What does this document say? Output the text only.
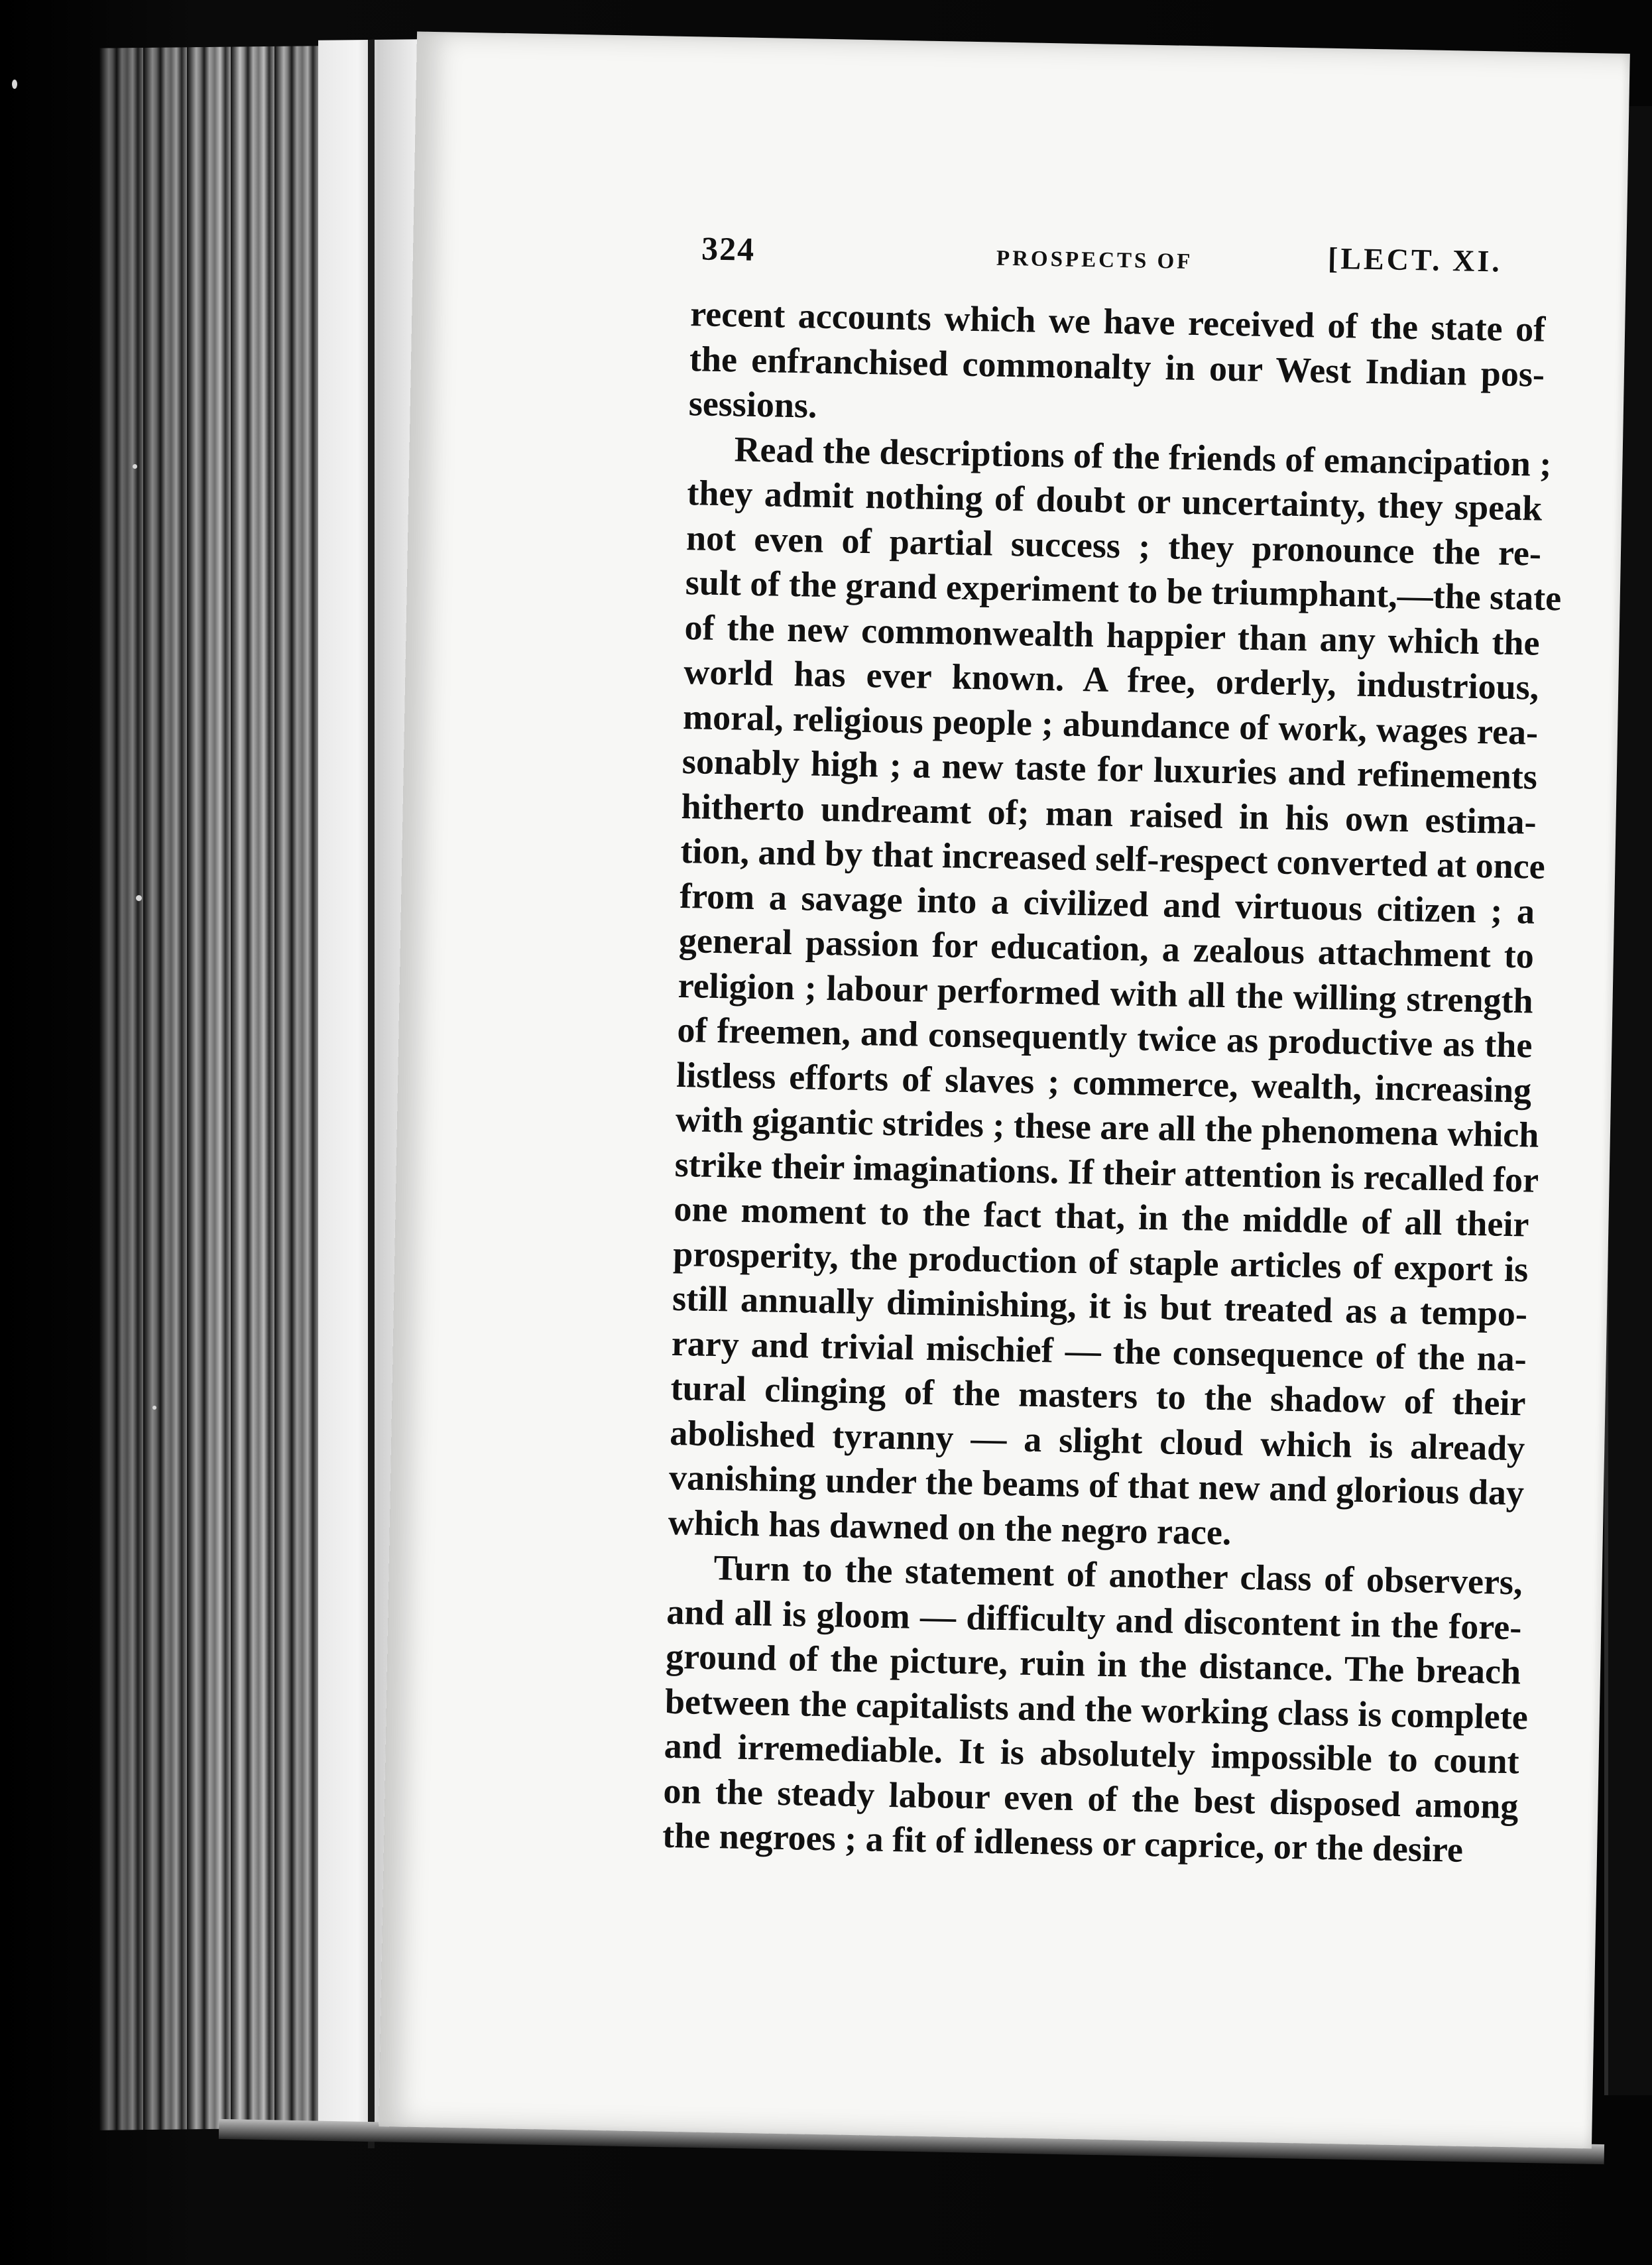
324	PROSPECTS OF	[LECT. XI.
recent accounts which we have received of the state of
the enfranchised commonalty in our West Indian pos-
sessions.
Read the descriptions of the friends of emancipation ;
they admit nothing of doubt or uncertainty, they speak
not even of partial success ; they pronounce the re-
sult of the grand experiment to be triumphant,—the state
of the new commonwealth happier than any which the
world has ever known. A free, orderly, industrious,
moral, religious people ; abundance of work, wages rea-
sonably high ; a new taste for luxuries and refinements
hitherto undreamt of; man raised in his own estima-
tion, and by that increased self-respect converted at once
from a savage into a civilized and virtuous citizen ; a
general passion for education, a zealous attachment to
religion ; labour performed with all the willing strength
of freemen, and consequently twice as productive as the
listless efforts of slaves ; commerce, wealth, increasing
with gigantic strides ; these are all the phenomena which
strike their imaginations. If their attention is recalled for
one moment to the fact that, in the middle of all their
prosperity, the production of staple articles of export is
still annually diminishing, it is but treated as a tempo-
rary and trivial mischief — the consequence of the na-
tural clinging of the masters to the shadow of their
abolished tyranny — a slight cloud which is already
vanishing under the beams of that new and glorious day
which has dawned on the negro race.
Turn to the statement of another class of observers,
and all is gloom — difficulty and discontent in the fore-
ground of the picture, ruin in the distance. The breach
between the capitalists and the working class is complete
and irremediable. It is absolutely impossible to count
on the steady labour even of the best disposed among
the negroes ; a fit of idleness or caprice, or the desire
